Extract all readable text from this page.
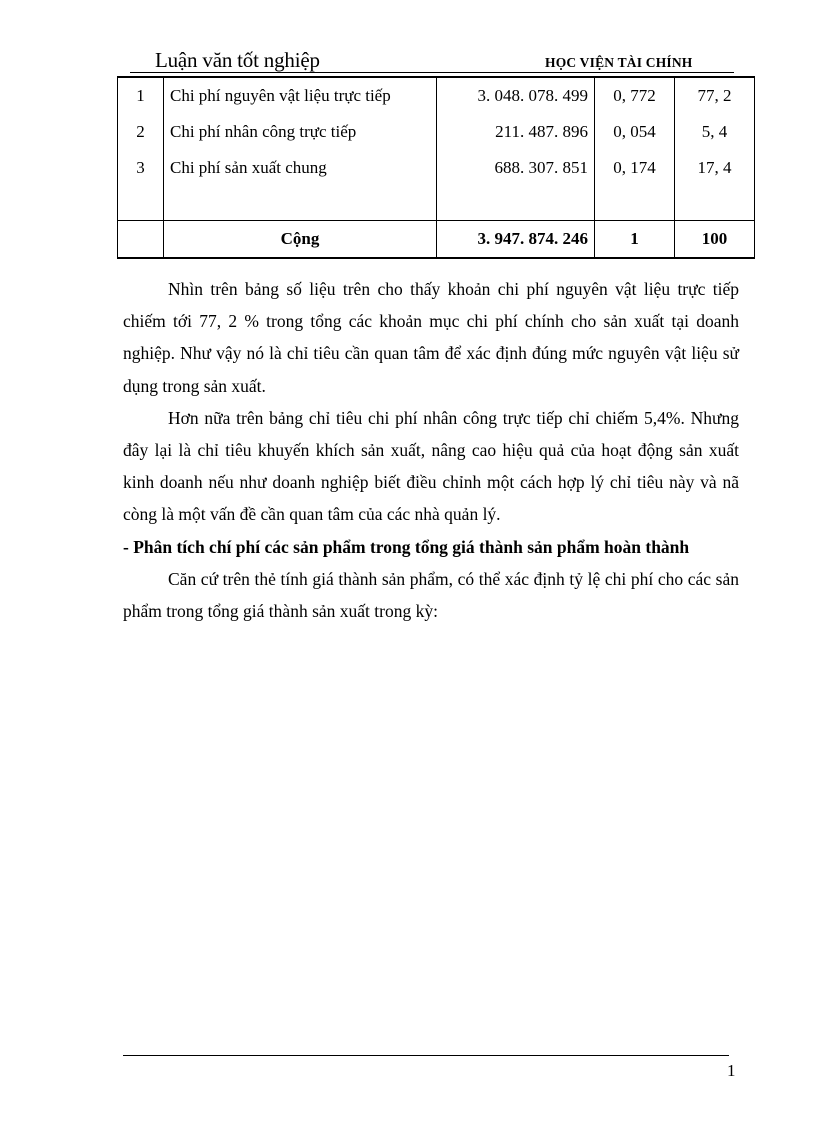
Luận văn tốt nghiệp	HỌC VIỆN TÀI CHÍNH
1	Chi phí nguyên vật liệu trực tiếp	3. 048. 078. 499	0, 772	77, 2
2	Chi phí nhân công trực tiếp	211. 487. 896	0, 054	5, 4
3	Chi phí sản xuất chung	688. 307. 851	0, 174	17, 4

	Cộng	3. 947. 874. 246	1	100

Nhìn trên bảng số liệu trên cho thấy khoản chi phí nguyên vật liệu trực tiếp chiếm tới 77, 2 % trong tổng các khoản mục chi phí chính cho sản xuất tại doanh nghiệp. Như vậy nó là chỉ tiêu cần quan tâm để xác định đúng mức nguyên vật liệu sử dụng trong sản xuất.

Hơn nữa trên bảng chỉ tiêu chi phí nhân công trực tiếp chỉ chiếm 5,4%. Nhưng đây lại là chỉ tiêu khuyến khích sản xuất, nâng cao hiệu quả của hoạt động sản xuất kinh doanh nếu như doanh nghiệp biết điều chỉnh một cách hợp lý chỉ tiêu này và nã còng là một vấn đề cần quan tâm của các nhà quản lý.

- Phân tích chí phí các sản phẩm trong tổng giá thành sản phẩm hoàn thành

Căn cứ trên thẻ tính giá thành sản phẩm, có thể xác định tỷ lệ chi phí cho các sản phẩm trong tổng giá thành sản xuất trong kỳ:

1
